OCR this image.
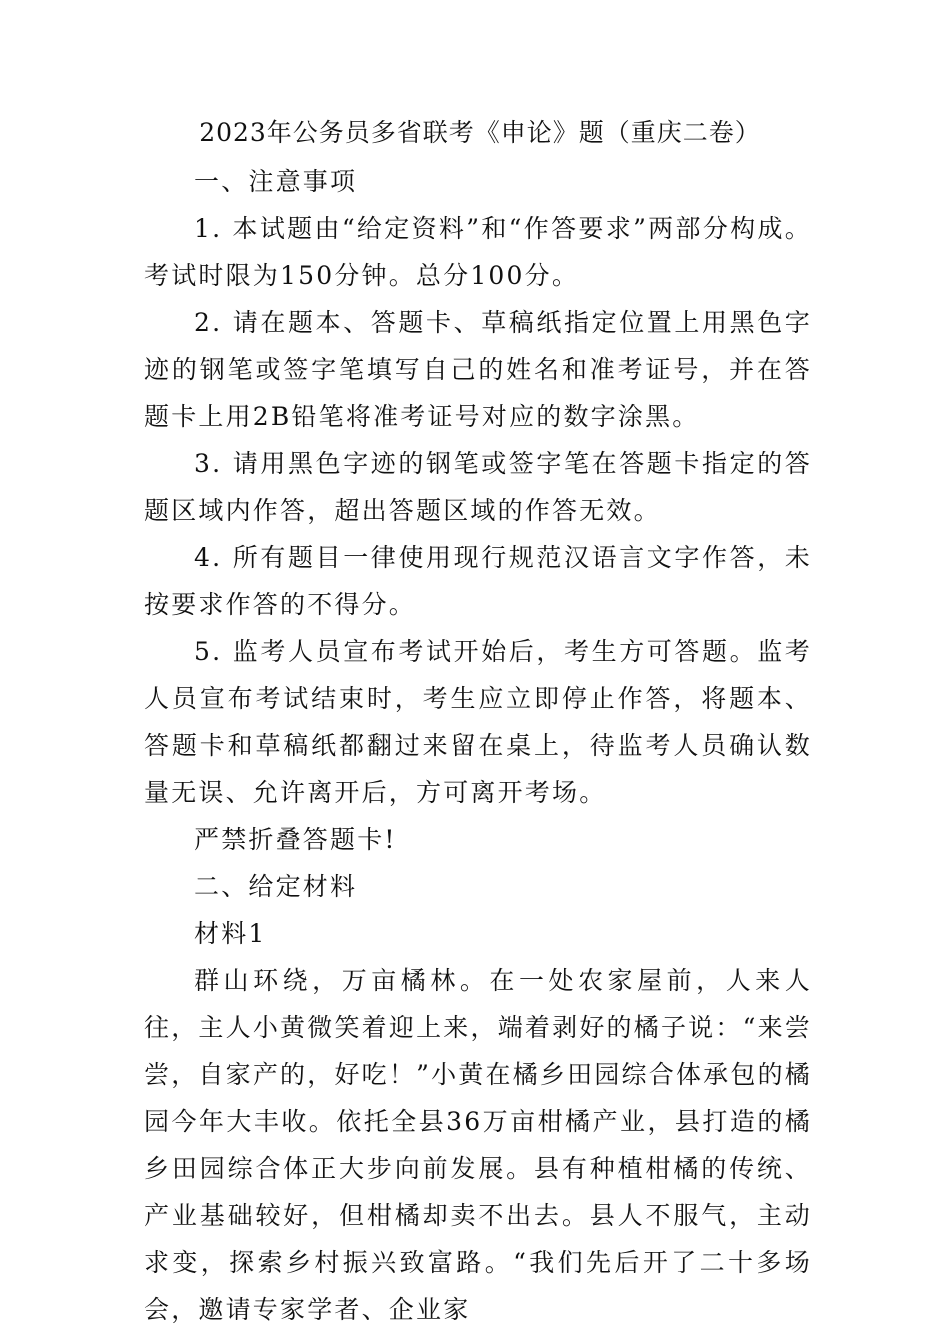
2023年公务员多省联考《申论》题（重庆二卷）

一、注意事项

1. 本试题由“给定资料”和“作答要求”两部分构成。考试时限为150分钟。总分100分。

2. 请在题本、答题卡、草稿纸指定位置上用黑色字迹的钢笔或签字笔填写自己的姓名和准考证号，并在答题卡上用2B铅笔将准考证号对应的数字涂黑。

3. 请用黑色字迹的钢笔或签字笔在答题卡指定的答题区域内作答，超出答题区域的作答无效。

4. 所有题目一律使用现行规范汉语言文字作答，未按要求作答的不得分。

5. 监考人员宣布考试开始后，考生方可答题。监考人员宣布考试结束时，考生应立即停止作答，将题本、答题卡和草稿纸都翻过来留在桌上，待监考人员确认数量无误、允许离开后，方可离开考场。

严禁折叠答题卡!

二、给定材料

材料1

群山环绕，万亩橘林。在一处农家屋前，人来人往，主人小黄微笑着迎上来，端着剥好的橘子说：“来尝尝，自家产的，好吃！”小黄在橘乡田园综合体承包的橘园今年大丰收。依托全县36万亩柑橘产业，县打造的橘乡田园综合体正大步向前发展。县有种植柑橘的传统、产业基础较好，但柑橘却卖不出去。县人不服气，主动求变，探索乡村振兴致富路。“我们先后开了二十多场会，邀请专家学者、企业家
